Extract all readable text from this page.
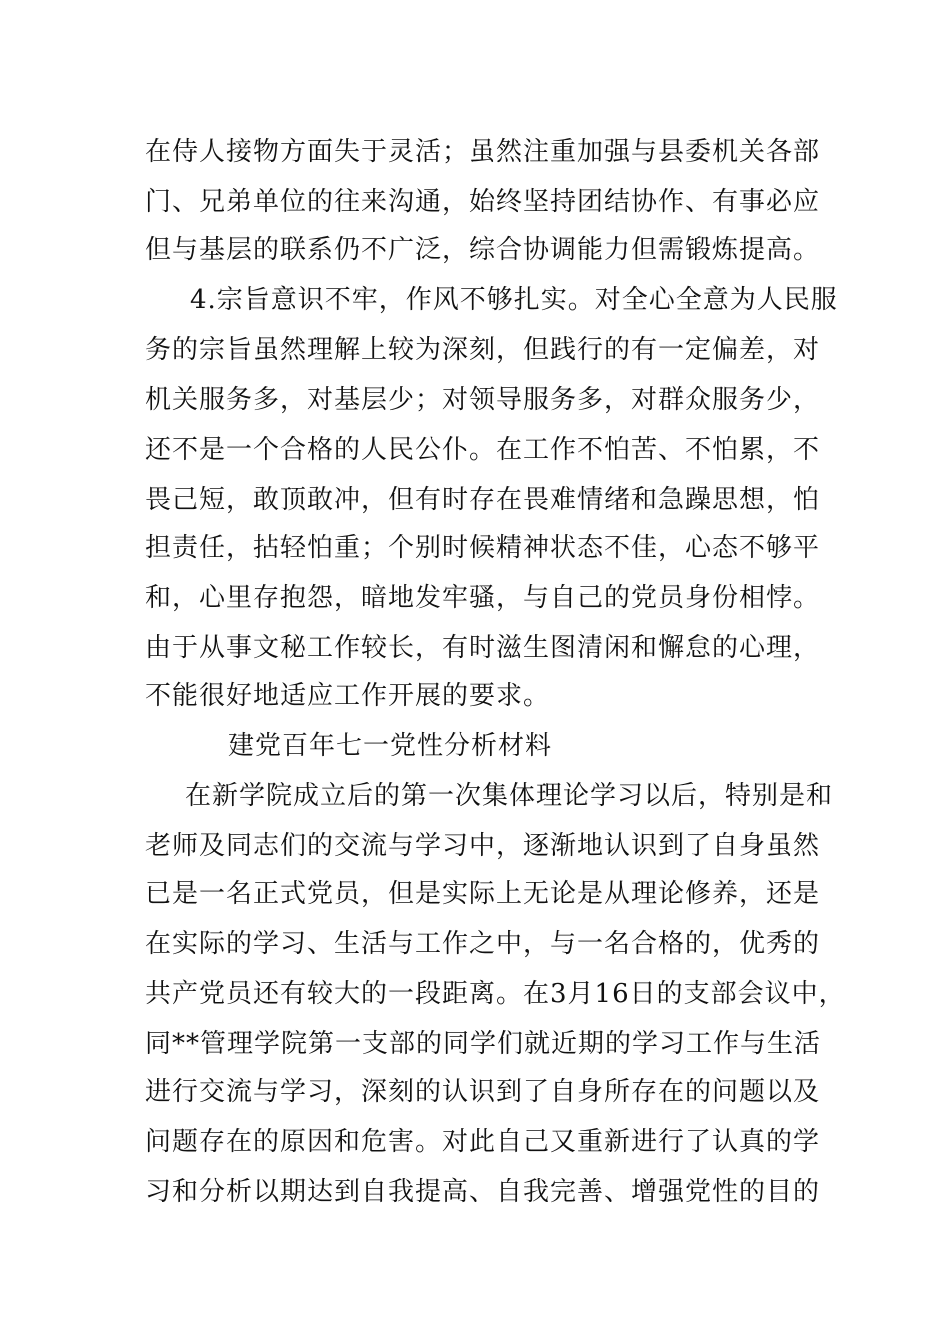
在侍人接物方面失于灵活；虽然注重加强与县委机关各部
门、兄弟单位的往来沟通，始终坚持团结协作、有事必应
但与基层的联系仍不广泛，综合协调能力但需锻炼提高。
4.宗旨意识不牢，作风不够扎实。对全心全意为人民服
务的宗旨虽然理解上较为深刻，但践行的有一定偏差，对
机关服务多，对基层少；对领导服务多，对群众服务少，
还不是一个合格的人民公仆。在工作不怕苦、不怕累，不
畏己短，敢顶敢冲，但有时存在畏难情绪和急躁思想，怕
担责任，拈轻怕重；个别时候精神状态不佳，心态不够平
和，心里存抱怨，暗地发牢骚，与自己的党员身份相悖。
由于从事文秘工作较长，有时滋生图清闲和懈怠的心理，
不能很好地适应工作开展的要求。
建党百年七一党性分析材料
在新学院成立后的第一次集体理论学习以后，特别是和
老师及同志们的交流与学习中，逐渐地认识到了自身虽然
已是一名正式党员，但是实际上无论是从理论修养，还是
在实际的学习、生活与工作之中，与一名合格的，优秀的
共产党员还有较大的一段距离。在3月16日的支部会议中，
同**管理学院第一支部的同学们就近期的学习工作与生活
进行交流与学习，深刻的认识到了自身所存在的问题以及
问题存在的原因和危害。对此自己又重新进行了认真的学
习和分析以期达到自我提高、自我完善、增强党性的目的
